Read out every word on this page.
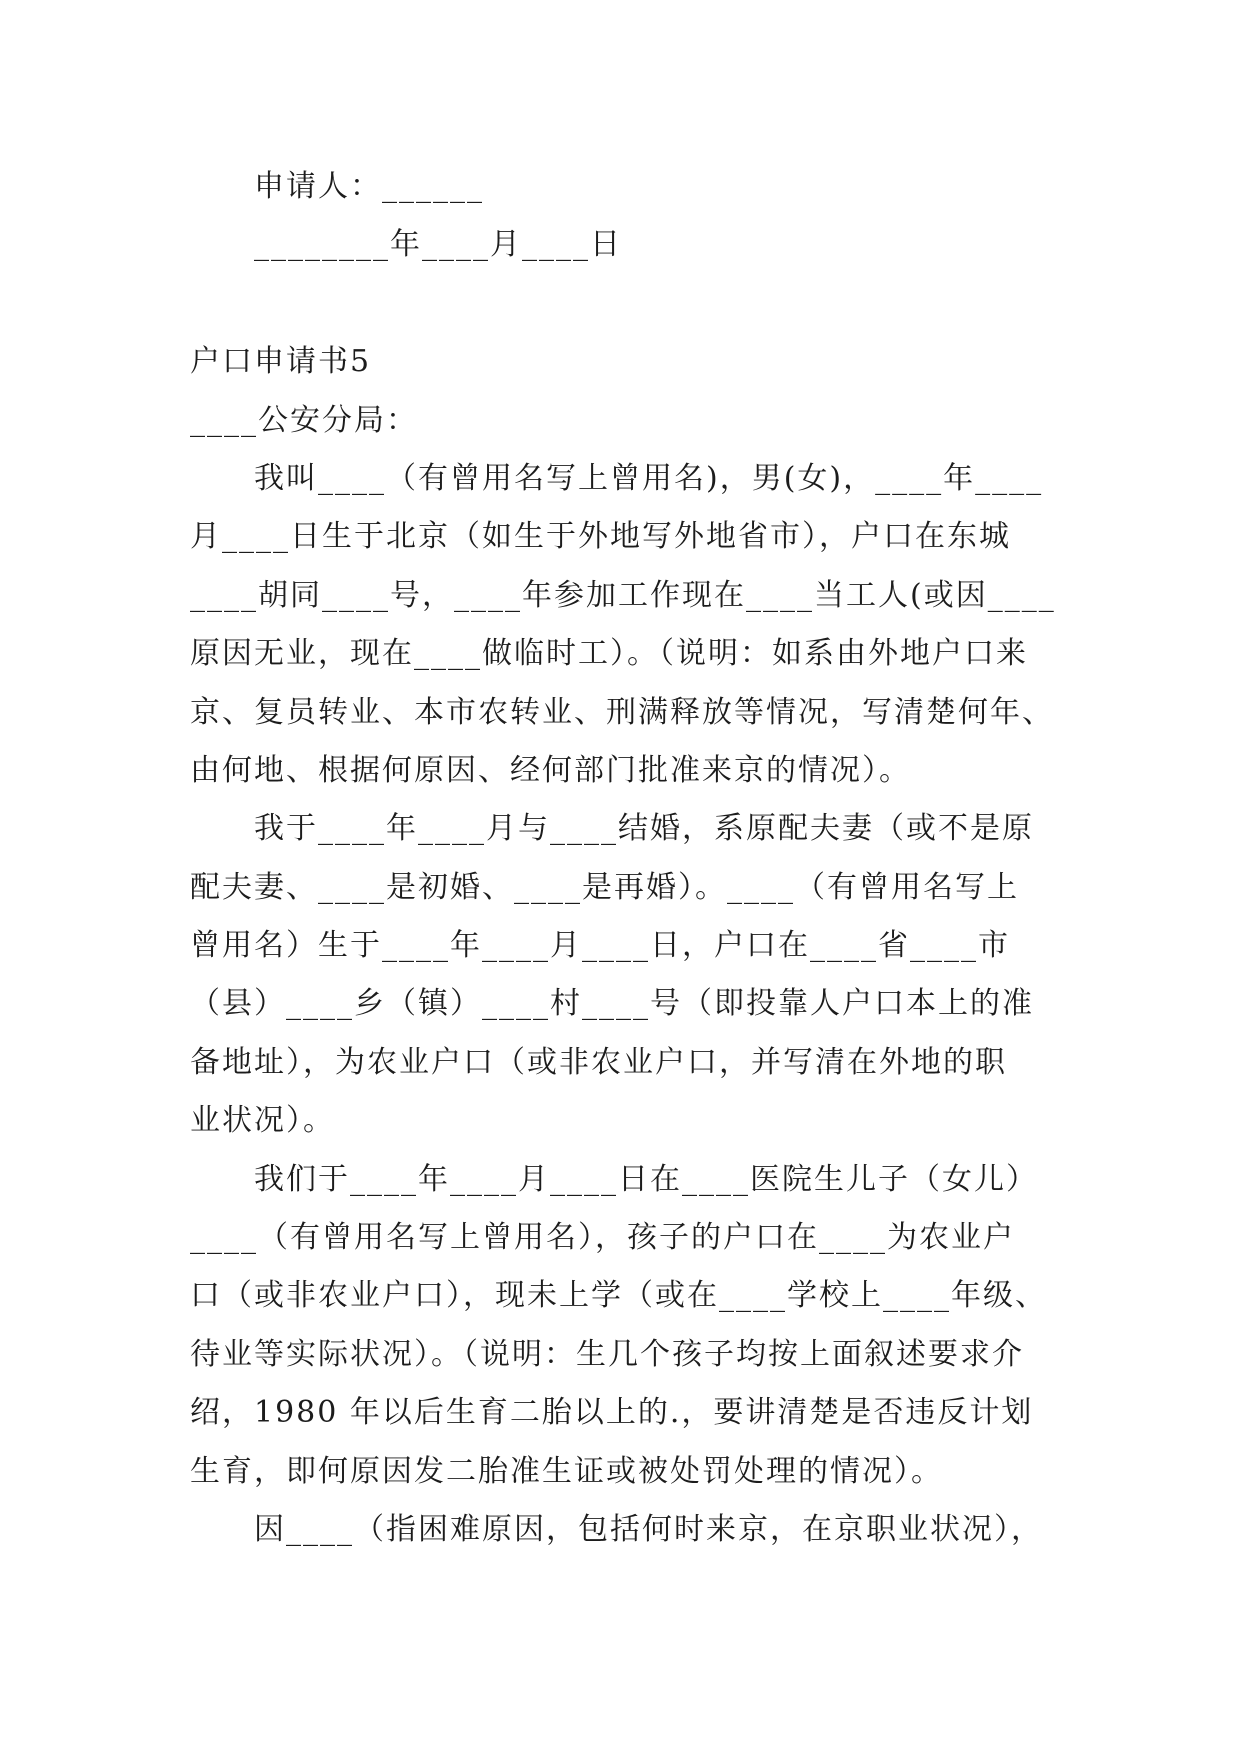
申请人：______
________年____月____日
户口申请书5
____公安分局：
我叫____（有曾用名写上曾用名)，男(女)，____年____
月____日生于北京（如生于外地写外地省市），户口在东城
____胡同____号，____年参加工作现在____当工人(或因____
原因无业，现在____做临时工）。（说明：如系由外地户口来
京、复员转业、本市农转业、刑满释放等情况，写清楚何年、
由何地、根据何原因、经何部门批准来京的情况）。
我于____年____月与____结婚，系原配夫妻（或不是原
配夫妻、____是初婚、____是再婚）。____（有曾用名写上
曾用名）生于____年____月____日，户口在____省____市
（县）____乡（镇）____村____号（即投靠人户口本上的准
备地址），为农业户口（或非农业户口，并写清在外地的职
业状况）。
我们于____年____月____日在____医院生儿子（女儿）
____（有曾用名写上曾用名），孩子的户口在____为农业户
口（或非农业户口），现未上学（或在____学校上____年级、
待业等实际状况）。（说明：生几个孩子均按上面叙述要求介
绍，1980 年以后生育二胎以上的.，要讲清楚是否违反计划
生育，即何原因发二胎准生证或被处罚处理的情况）。
因____（指困难原因，包括何时来京，在京职业状况），
